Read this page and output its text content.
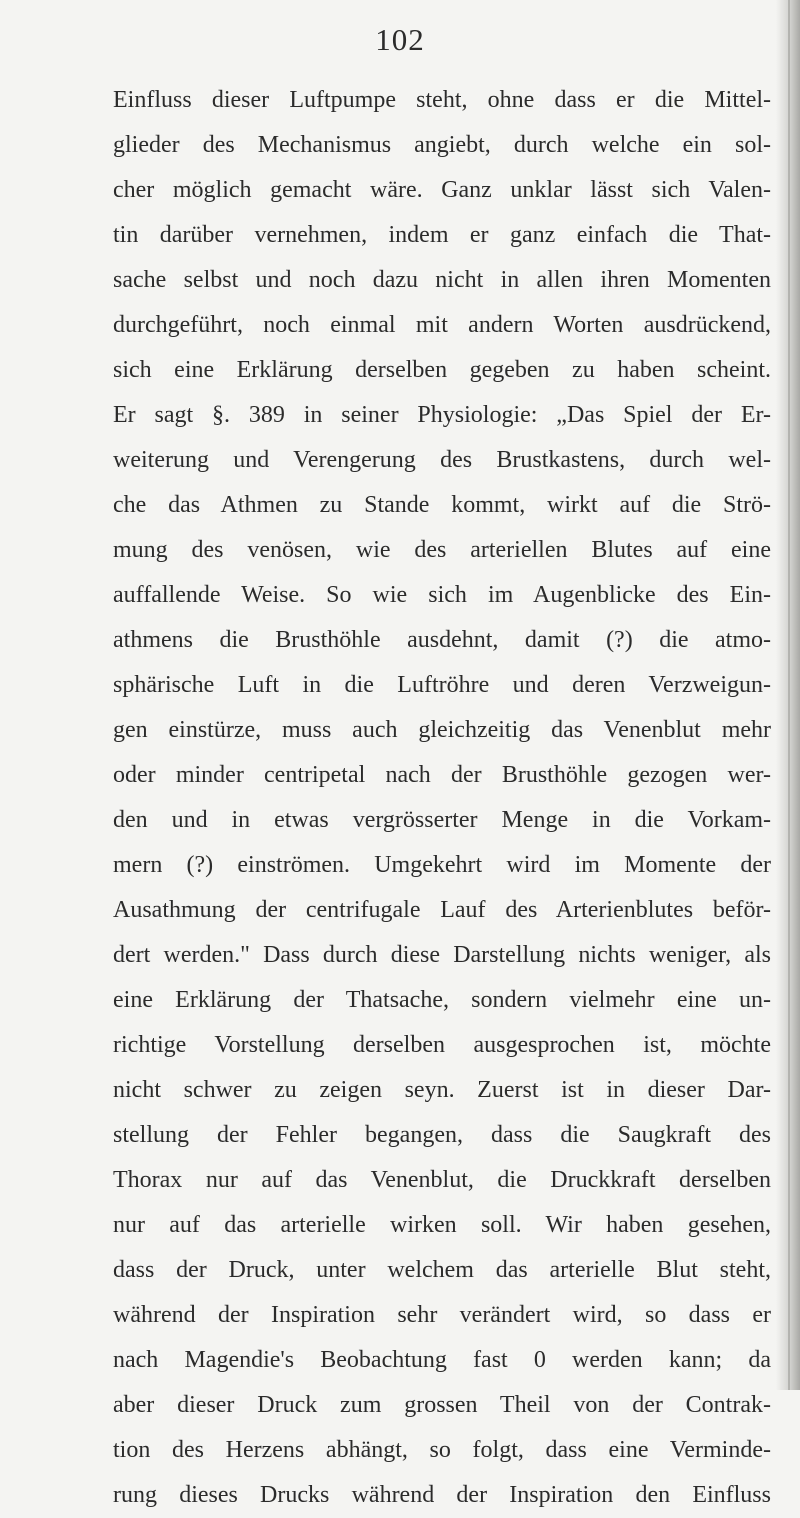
102
Einfluss dieser Luftpumpe steht, ohne dass er die Mittel-
glieder des Mechanismus angiebt, durch welche ein sol-
cher möglich gemacht wäre. Ganz unklar lässt sich Valen-
tin darüber vernehmen, indem er ganz einfach die That-
sache selbst und noch dazu nicht in allen ihren Momenten
durchgeführt, noch einmal mit andern Worten ausdrückend,
sich eine Erklärung derselben gegeben zu haben scheint.
Er sagt §. 389 in seiner Physiologie: „Das Spiel der Er-
weiterung und Verengerung des Brustkastens, durch wel-
che das Athmen zu Stande kommt, wirkt auf die Strö-
mung des venösen, wie des arteriellen Blutes auf eine
auffallende Weise. So wie sich im Augenblicke des Ein-
athmens die Brusthöhle ausdehnt, damit (?) die atmo-
sphärische Luft in die Luftröhre und deren Verzweigun-
gen einstürze, muss auch gleichzeitig das Venenblut mehr
oder minder centripetal nach der Brusthöhle gezogen wer-
den und in etwas vergrösserter Menge in die Vorkam-
mern (?) einströmen. Umgekehrt wird im Momente der
Ausathmung der centrifugale Lauf des Arterienblutes beför-
dert werden." Dass durch diese Darstellung nichts weniger, als
eine Erklärung der Thatsache, sondern vielmehr eine un-
richtige Vorstellung derselben ausgesprochen ist, möchte
nicht schwer zu zeigen seyn. Zuerst ist in dieser Dar-
stellung der Fehler begangen, dass die Saugkraft des
Thorax nur auf das Venenblut, die Druckkraft derselben
nur auf das arterielle wirken soll. Wir haben gesehen,
dass der Druck, unter welchem das arterielle Blut steht,
während der Inspiration sehr verändert wird, so dass er
nach Magendie's Beobachtung fast 0 werden kann; da
aber dieser Druck zum grossen Theil von der Contrak-
tion des Herzens abhängt, so folgt, dass eine Verminde-
rung dieses Drucks während der Inspiration den Einfluss
